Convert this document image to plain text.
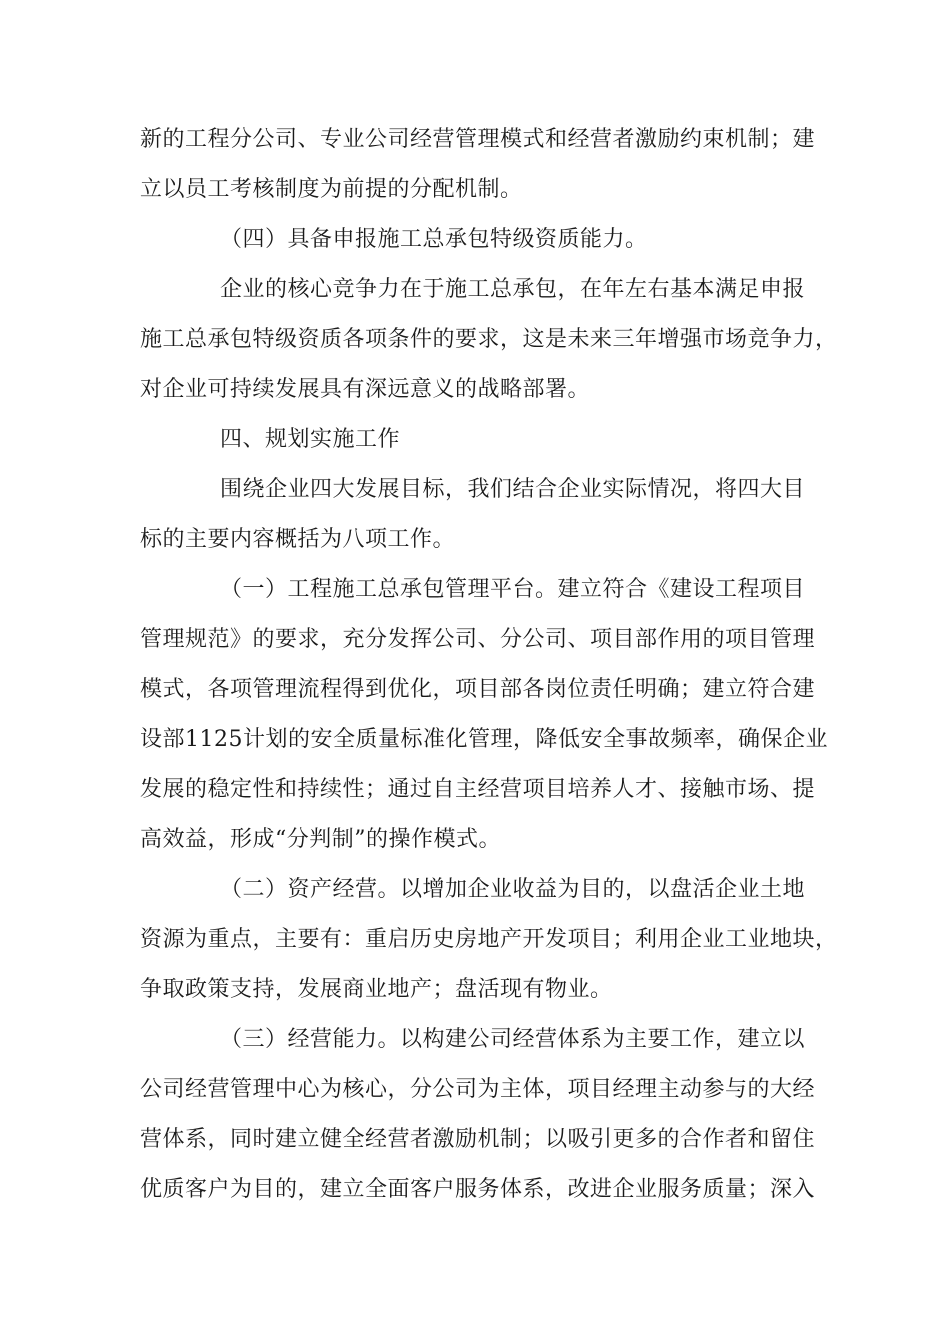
新的工程分公司、专业公司经营管理模式和经营者激励约束机制；建
立以员工考核制度为前提的分配机制。
（四）具备申报施工总承包特级资质能力。
企业的核心竞争力在于施工总承包，在年左右基本满足申报
施工总承包特级资质各项条件的要求，这是未来三年增强市场竞争力，
对企业可持续发展具有深远意义的战略部署。
四、规划实施工作
围绕企业四大发展目标，我们结合企业实际情况，将四大目
标的主要内容概括为八项工作。
（一）工程施工总承包管理平台。建立符合《建设工程项目
管理规范》的要求，充分发挥公司、分公司、项目部作用的项目管理
模式，各项管理流程得到优化，项目部各岗位责任明确；建立符合建
设部1125计划的安全质量标准化管理，降低安全事故频率，确保企业
发展的稳定性和持续性；通过自主经营项目培养人才、接触市场、提
高效益，形成“分判制”的操作模式。
（二）资产经营。以增加企业收益为目的，以盘活企业土地
资源为重点，主要有：重启历史房地产开发项目；利用企业工业地块，
争取政策支持，发展商业地产；盘活现有物业。
（三）经营能力。以构建公司经营体系为主要工作，建立以
公司经营管理中心为核心，分公司为主体，项目经理主动参与的大经
营体系，同时建立健全经营者激励机制；以吸引更多的合作者和留住
优质客户为目的，建立全面客户服务体系，改进企业服务质量；深入
